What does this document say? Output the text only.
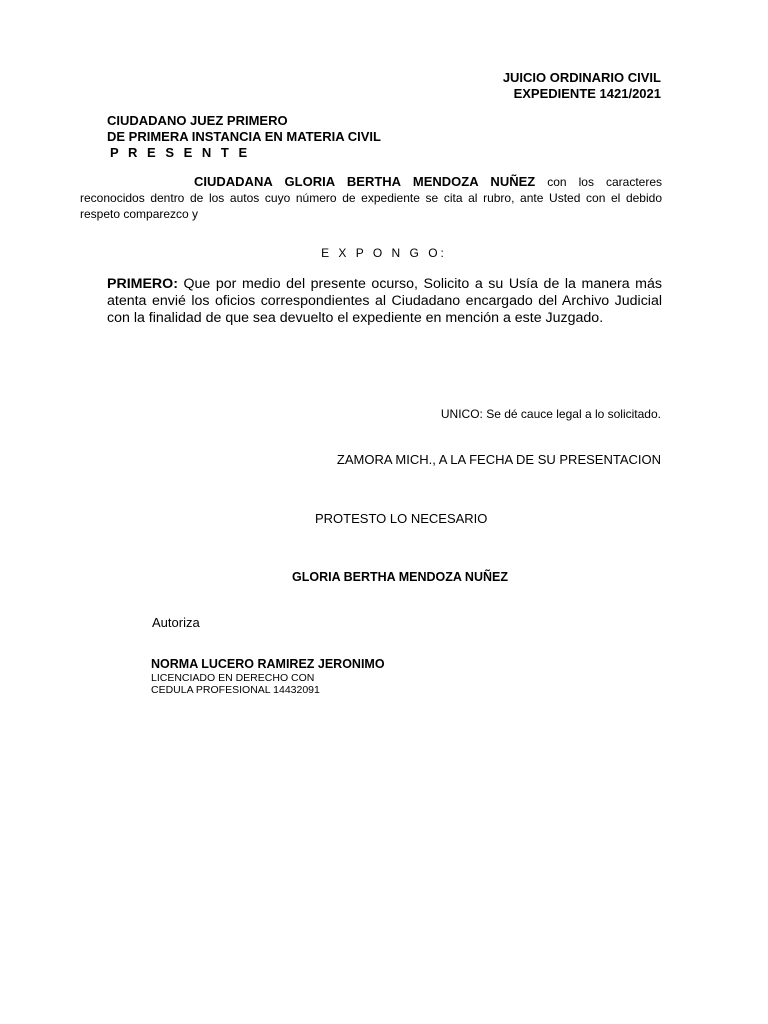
JUICIO ORDINARIO CIVIL
EXPEDIENTE 1421/2021
CIUDADANO JUEZ PRIMERO
DE PRIMERA INSTANCIA EN MATERIA CIVIL
P R E S E N T E
CIUDADANA GLORIA BERTHA MENDOZA NUÑEZ con los caracteres reconocidos dentro de los autos cuyo número de expediente se cita al rubro, ante Usted con el debido respeto comparezco y
E X P O N G O:
PRIMERO: Que por medio del presente ocurso, Solicito a su Usía de la manera más atenta envié los oficios correspondientes al Ciudadano encargado del Archivo Judicial con la finalidad de que sea devuelto el expediente en mención a este Juzgado.
UNICO: Se dé cauce legal a lo solicitado.
ZAMORA MICH., A LA FECHA DE SU PRESENTACION
PROTESTO LO NECESARIO
GLORIA BERTHA MENDOZA NUÑEZ
Autoriza
NORMA LUCERO RAMIREZ JERONIMO
LICENCIADO EN DERECHO CON
CEDULA PROFESIONAL 14432091
